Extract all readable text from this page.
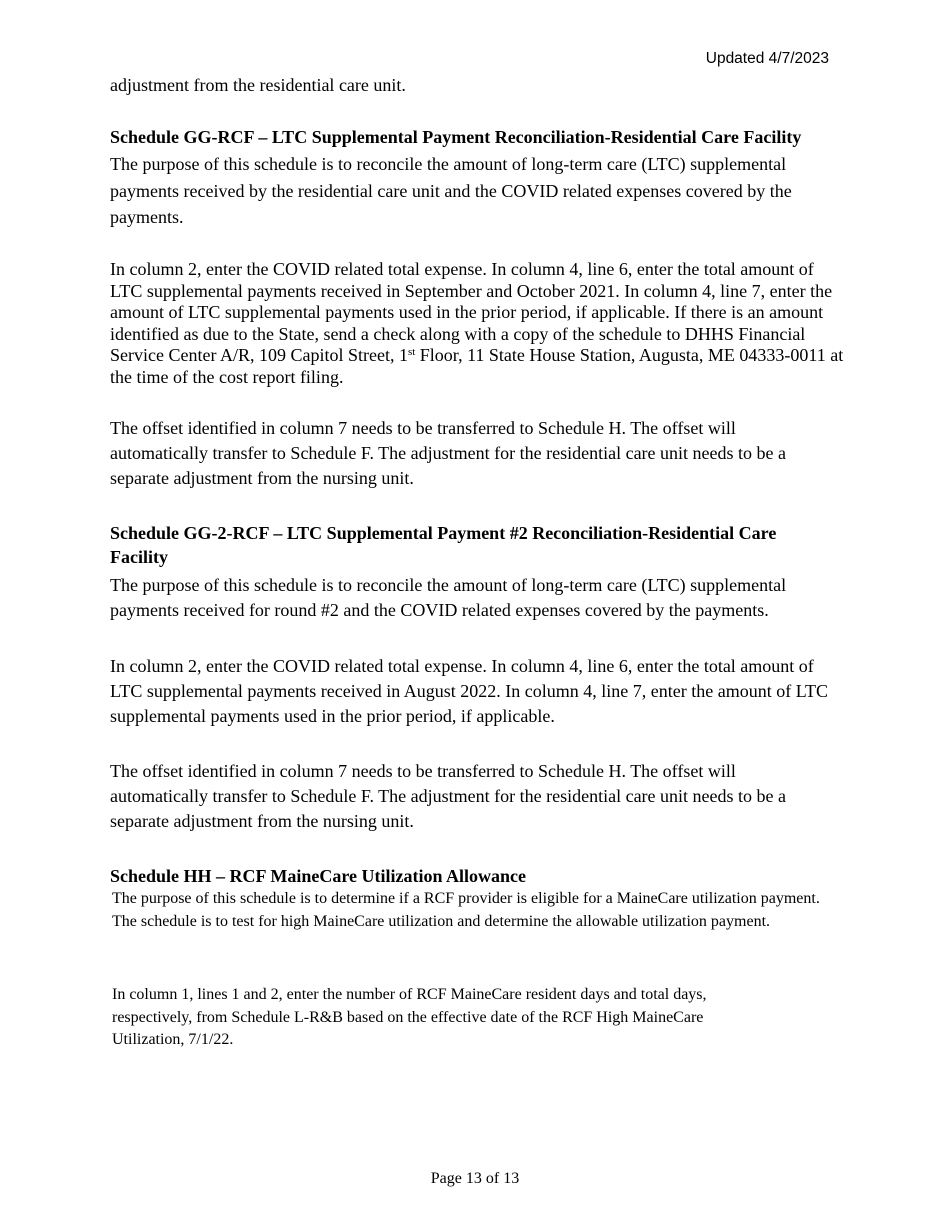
Updated 4/7/2023
adjustment from the residential care unit.
Schedule GG-RCF – LTC Supplemental Payment Reconciliation-Residential Care Facility
The purpose of this schedule is to reconcile the amount of long-term care (LTC) supplemental payments received by the residential care unit and the COVID related expenses covered by the payments.
In column 2, enter the COVID related total expense. In column 4, line 6, enter the total amount of LTC supplemental payments received in September and October 2021. In column 4, line 7, enter the amount of LTC supplemental payments used in the prior period, if applicable. If there is an amount identified as due to the State, send a check along with a copy of the schedule to DHHS Financial Service Center A/R, 109 Capitol Street, 1st Floor, 11 State House Station, Augusta, ME 04333-0011 at the time of the cost report filing.
The offset identified in column 7 needs to be transferred to Schedule H. The offset will automatically transfer to Schedule F. The adjustment for the residential care unit needs to be a separate adjustment from the nursing unit.
Schedule GG-2-RCF – LTC Supplemental Payment #2 Reconciliation-Residential Care Facility
The purpose of this schedule is to reconcile the amount of long-term care (LTC) supplemental payments received for round #2 and the COVID related expenses covered by the payments.
In column 2, enter the COVID related total expense. In column 4, line 6, enter the total amount of LTC supplemental payments received in August 2022. In column 4, line 7, enter the amount of LTC supplemental payments used in the prior period, if applicable.
The offset identified in column 7 needs to be transferred to Schedule H. The offset will automatically transfer to Schedule F. The adjustment for the residential care unit needs to be a separate adjustment from the nursing unit.
Schedule HH – RCF MaineCare Utilization Allowance
The purpose of this schedule is to determine if a RCF provider is eligible for a MaineCare utilization payment. The schedule is to test for high MaineCare utilization and determine the allowable utilization payment.
In column 1, lines 1 and 2, enter the number of RCF MaineCare resident days and total days, respectively, from Schedule L-R&B based on the effective date of the RCF High MaineCare Utilization, 7/1/22.
Page 13 of 13
